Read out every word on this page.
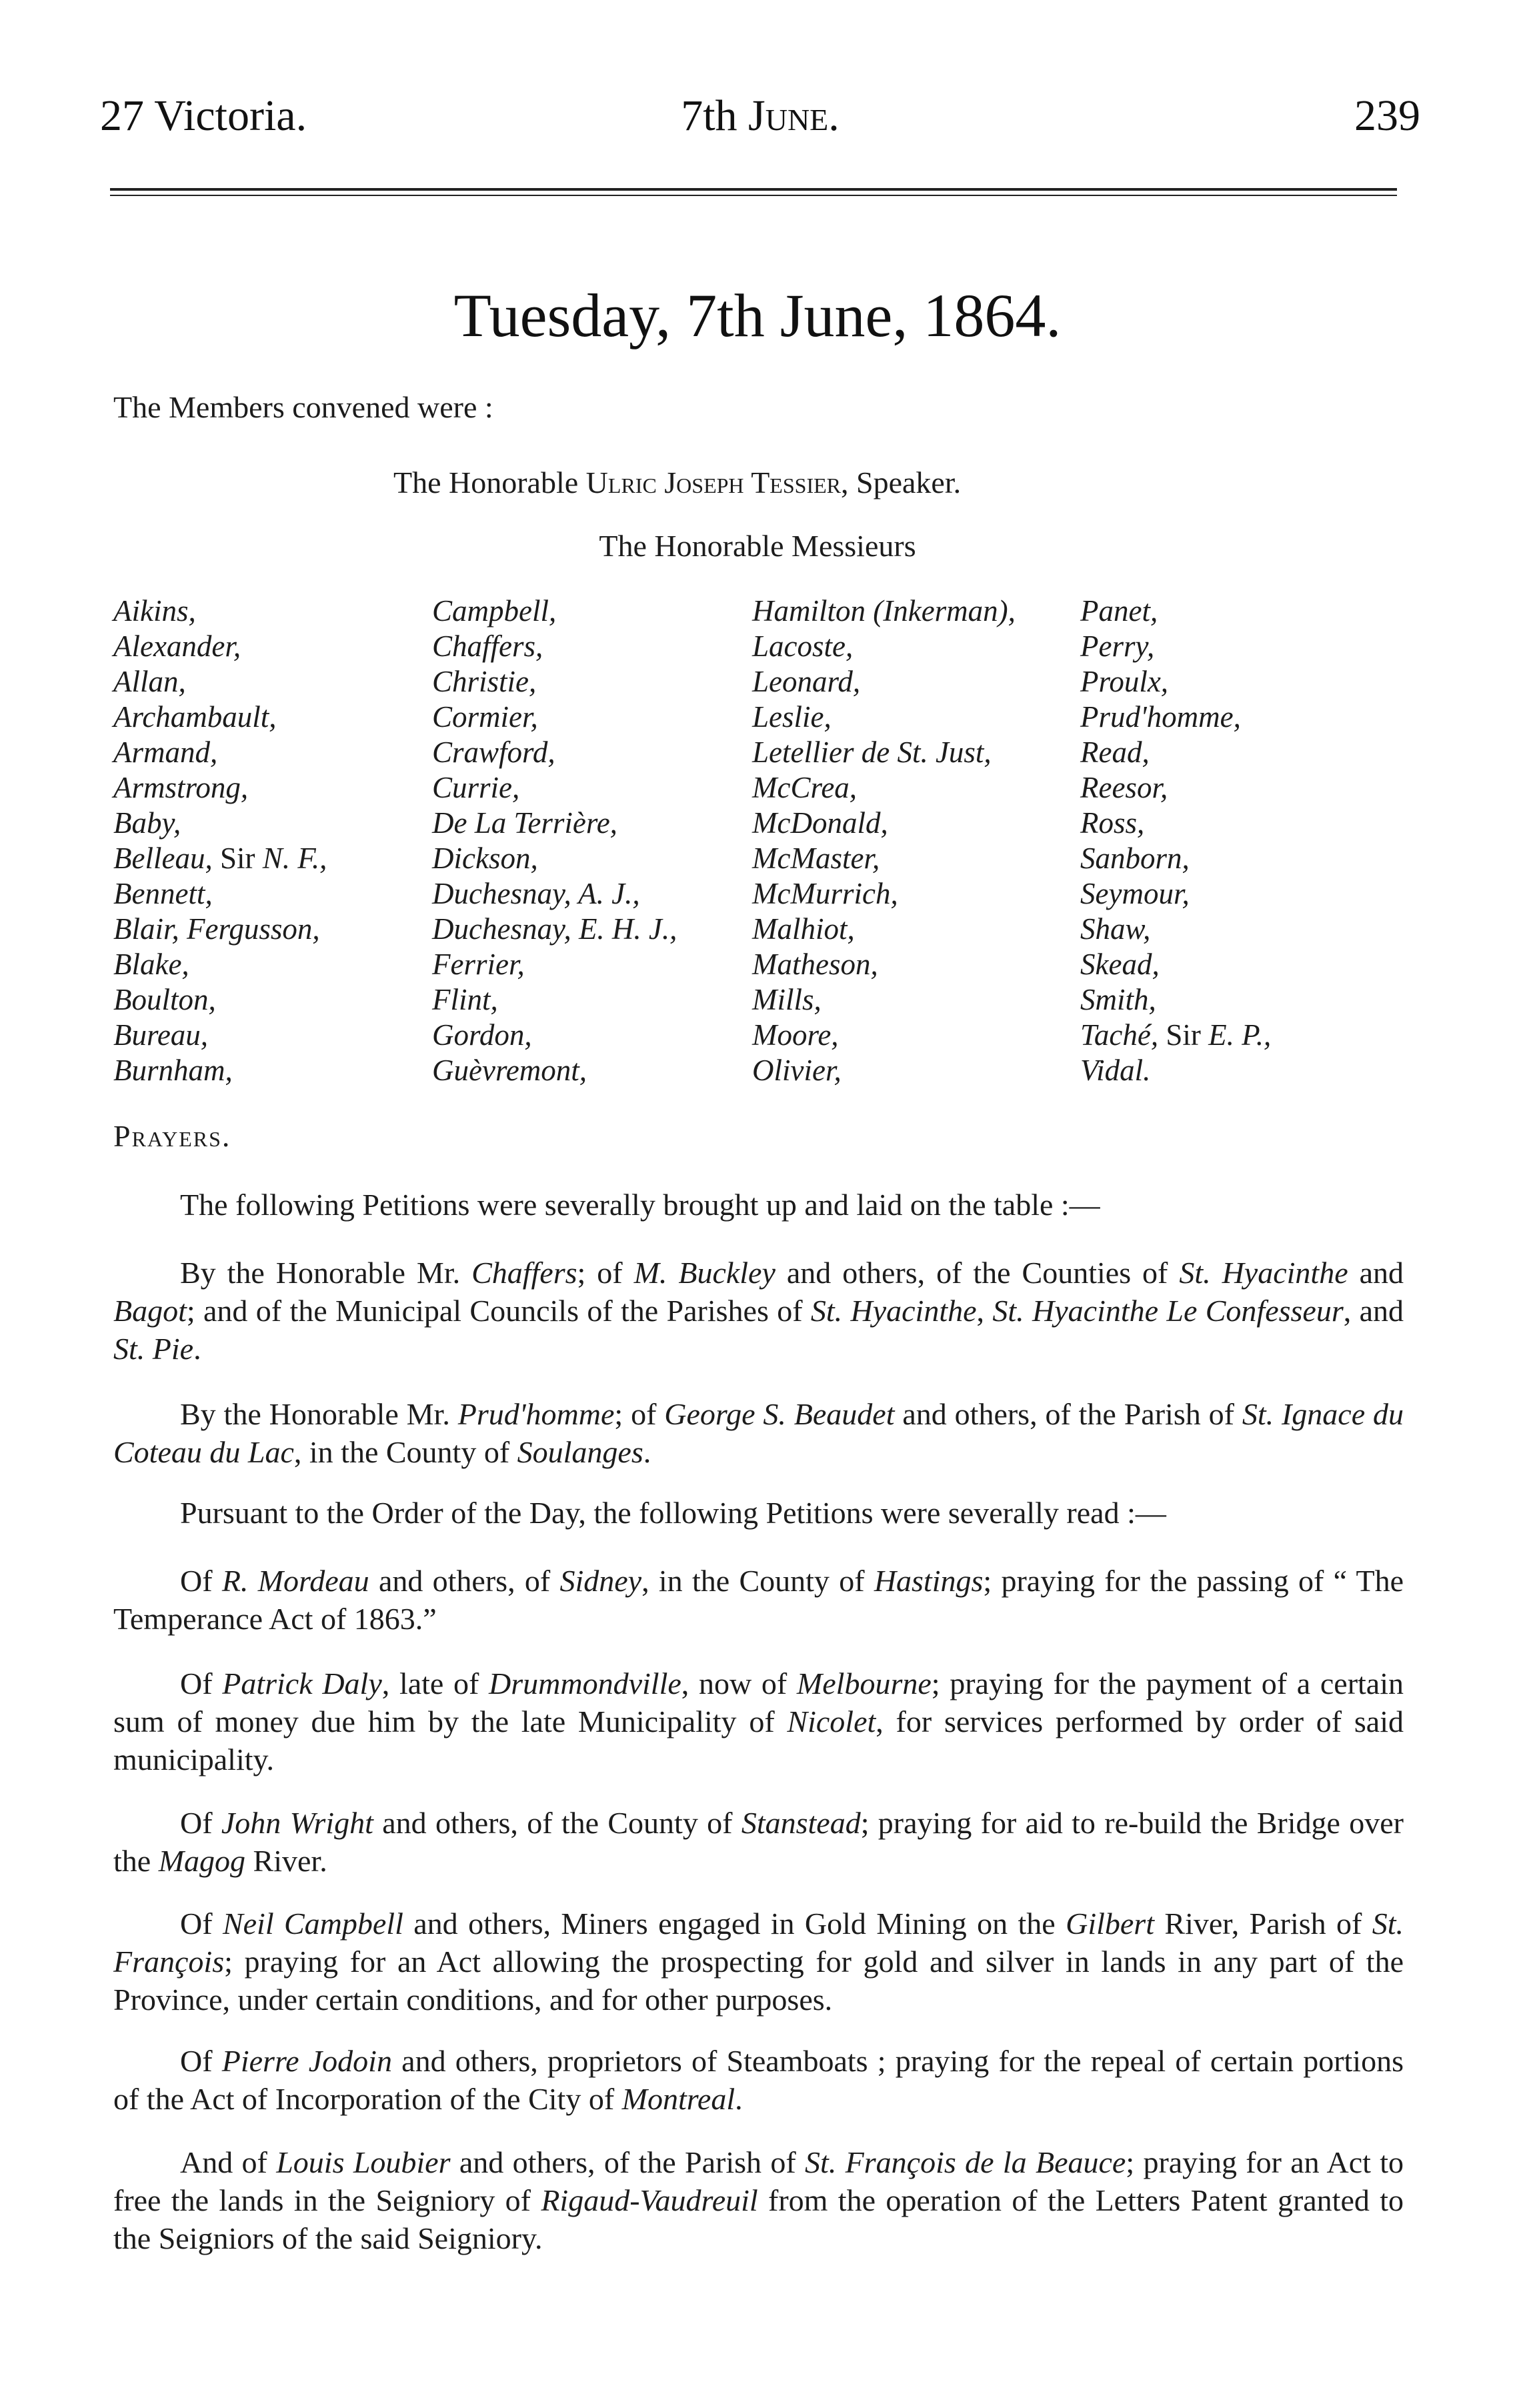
27 Victoria.	7th June.	239
Tuesday, 7th June, 1864.
The Members convened were :
The Honorable Ulric Joseph Tessier, Speaker.
The Honorable Messieurs
Aikins,
Alexander,
Allan,
Archambault,
Armand,
Armstrong,
Baby,
Belleau, Sir N. F.,
Bennett,
Blair, Fergusson,
Blake,
Boulton,
Bureau,
Burnham,
Campbell,
Chaffers,
Christie,
Cormier,
Crawford,
Currie,
De La Terrière,
Dickson,
Duchesnay, A. J.,
Duchesnay, E. H. J.,
Ferrier,
Flint,
Gordon,
Guèvremont,
Hamilton (Inkerman),
Lacoste,
Leonard,
Leslie,
Letellier de St. Just,
McCrea,
McDonald,
McMaster,
McMurrich,
Malhiot,
Matheson,
Mills,
Moore,
Olivier,
Panet,
Perry,
Proulx,
Prud'homme,
Read,
Reesor,
Ross,
Sanborn,
Seymour,
Shaw,
Skead,
Smith,
Taché, Sir E. P.,
Vidal.
Prayers.
The following Petitions were severally brought up and laid on the table :—
By the Honorable Mr. Chaffers; of M. Buckley and others, of the Counties of St. Hyacinthe and Bagot; and of the Municipal Councils of the Parishes of St. Hyacinthe, St. Hyacinthe Le Confesseur, and St. Pie.
By the Honorable Mr. Prud'homme; of George S. Beaudet and others, of the Parish of St. Ignace du Coteau du Lac, in the County of Soulanges.
Pursuant to the Order of the Day, the following Petitions were severally read :—
Of R. Mordeau and others, of Sidney, in the County of Hastings; praying for the passing of “ The Temperance Act of 1863.”
Of Patrick Daly, late of Drummondville, now of Melbourne; praying for the payment of a certain sum of money due him by the late Municipality of Nicolet, for services performed by order of said municipality.
Of John Wright and others, of the County of Stanstead; praying for aid to re-build the Bridge over the Magog River.
Of Neil Campbell and others, Miners engaged in Gold Mining on the Gilbert River, Parish of St. François; praying for an Act allowing the prospecting for gold and silver in lands in any part of the Province, under certain conditions, and for other purposes.
Of Pierre Jodoin and others, proprietors of Steamboats ; praying for the repeal of certain portions of the Act of Incorporation of the City of Montreal.
And of Louis Loubier and others, of the Parish of St. François de la Beauce; praying for an Act to free the lands in the Seigniory of Rigaud-Vaudreuil from the operation of the Letters Patent granted to the Seigniors of the said Seigniory.
